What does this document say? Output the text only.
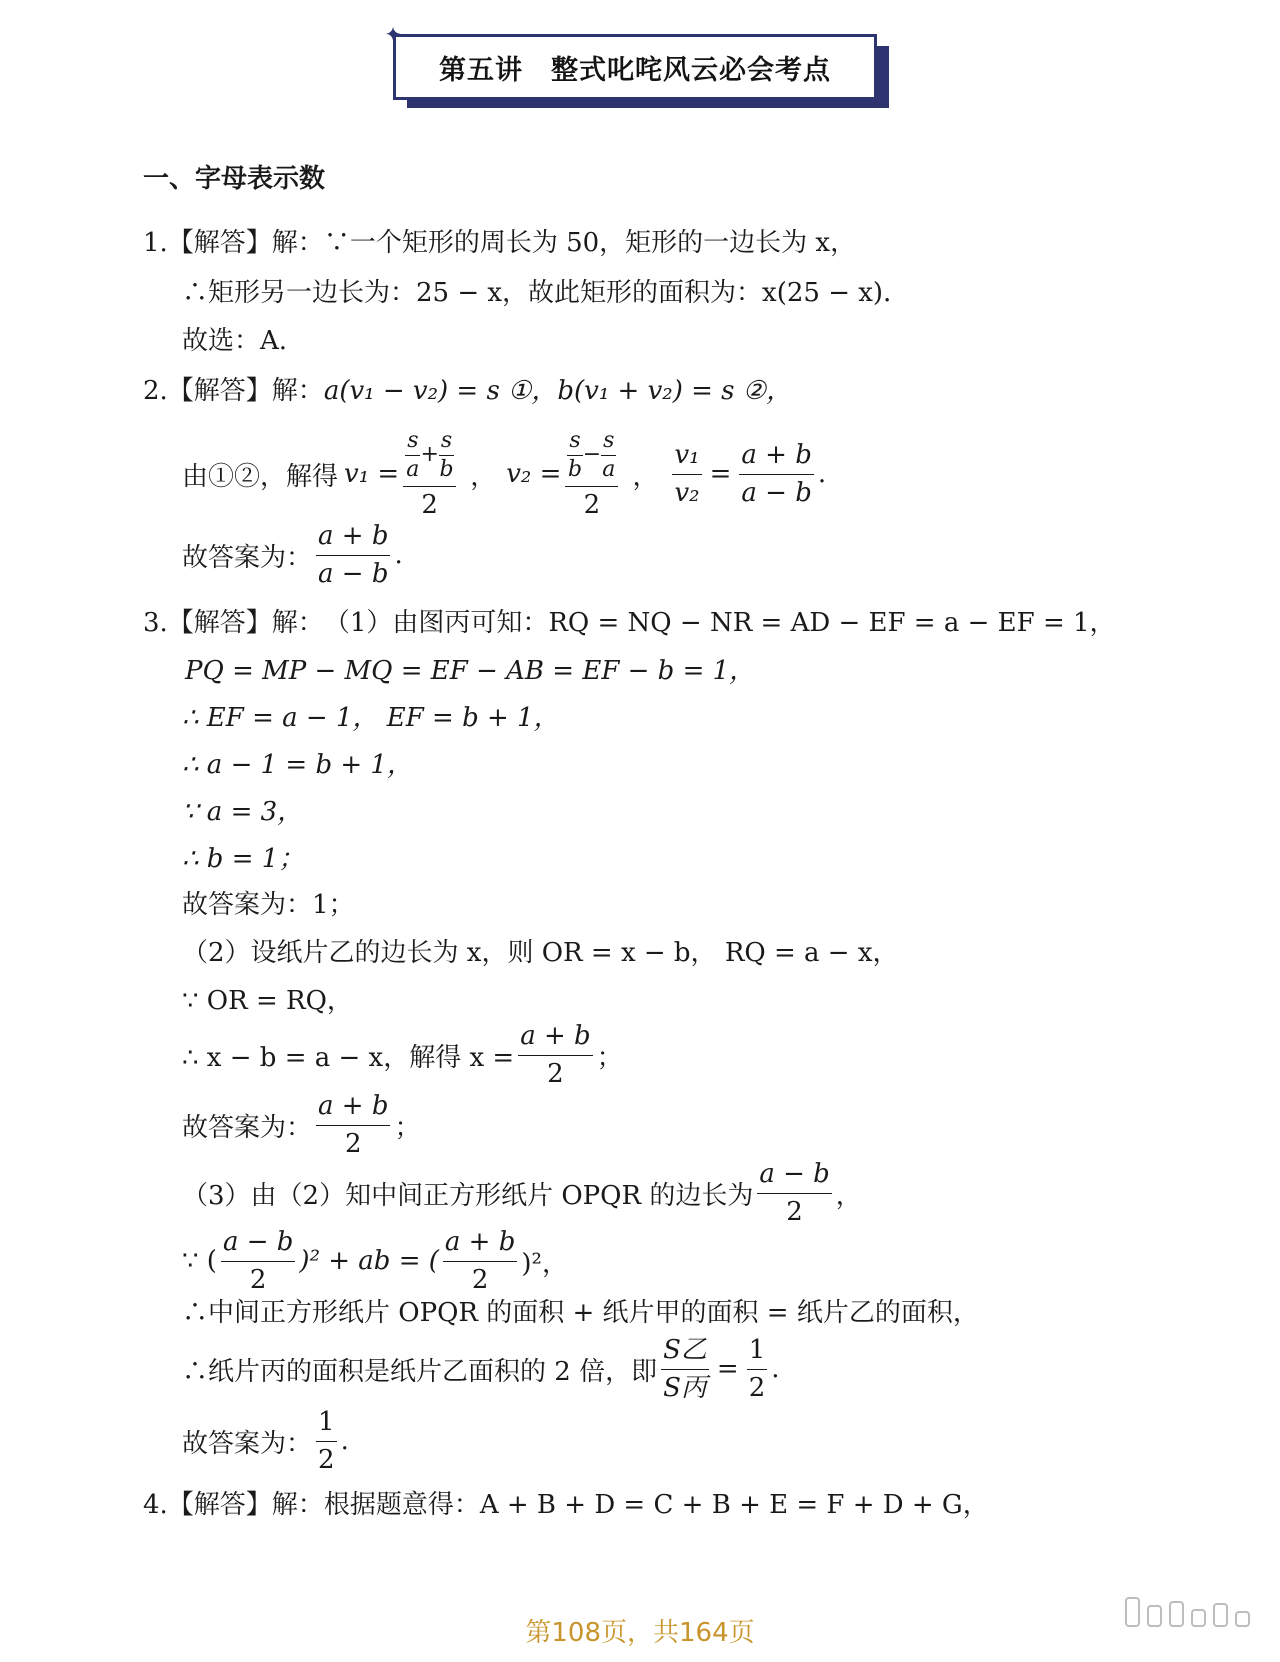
第五讲　整式叱咤风云必会考点
✦
一、字母表示数
1.【解答】解： ∵一个矩形的周长为 50，矩形的一边长为 x，
∴矩形另一边长为：25 − x，故此矩形的面积为：x(25 − x)．
故选：A.
2.【解答】解： a(v₁ − v₂) = s ①，b(v₁ + v₂) = s ②，
由①②，解得 $v_1 = \frac{\frac{s}{a} + \frac{s}{b}}{2}$ ， $v_2 = \frac{\frac{s}{b} - \frac{s}{a}}{2}$ ， $\frac{\text{v₁}}{\text{v₂}} = \frac{a + b}{a - b}$ .
故答案为： $\frac{a + b}{a - b}$ .
3.【解答】解： （1）由图丙可知：RQ = NQ − NR = AD − EF = a − EF = 1，
PQ = MP − MQ = EF − AB = EF − b = 1，
∴ EF = a − 1， EF = b + 1，
∴ a − 1 = b + 1，
∵ a = 3，
∴ b = 1；
故答案为：1；
（2）设纸片乙的边长为 x，则 OR = x − b， RQ = a − x，
∵ OR = RQ，
∴ x − b = a − x，解得 $x = \frac{a + b}{2}$ ；
故答案为： $\frac{a + b}{2}$ ；
（3）由（2）知中间正方形纸片 OPQR 的边长为 $\frac{a - b}{2}$ ，
∵ ( $\frac{a - b}{2} )^2$ + ab = ( $\frac{a + b}{2} )^2$，
∴中间正方形纸片 OPQR 的面积 + 纸片甲的面积 = 纸片乙的面积，
∴纸片丙的面积是纸片乙面积的 2 倍，即 $\frac{\text{S乙}}{\text{S丙}} = \frac{1}{2}$ .
故答案为： $\frac{1}{2}$ .
4.【解答】解： 根据题意得：A + B + D = C + B + E = F + D + G，
第108页，共164页
